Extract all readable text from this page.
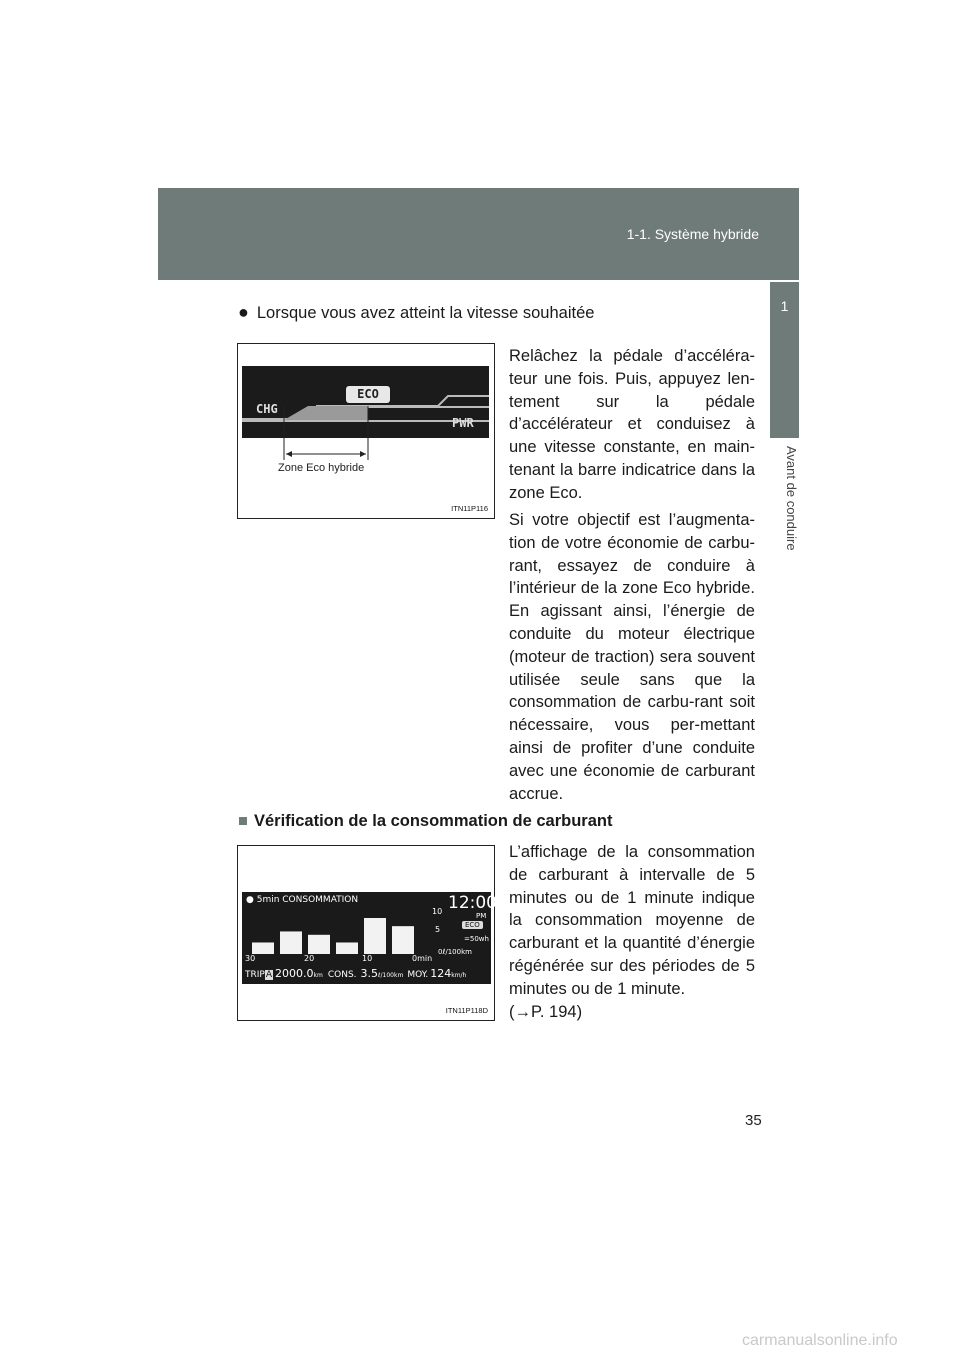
1-1. Système hybride
1
Avant de conduire
● Lorsque vous avez atteint la vitesse souhaitée
ECO
CHG
PWR
Zone Eco hybride
ITN11P116
Relâchez la pédale d’accéléra-teur une fois. Puis, appuyez len-tement sur la pédale d’accélérateur et conduisez à une vitesse constante, en main-tenant la barre indicatrice dans la zone Eco.
Si votre objectif est l’augmenta-tion de votre économie de carbu-rant, essayez de conduire à l’intérieur de la zone Eco hybride. En agissant ainsi, l’énergie de conduite du moteur électrique (moteur de traction) sera souvent utilisée seule sans que la consommation de carbu-rant soit nécessaire, vous per-mettant ainsi de profiter d’une conduite avec une économie de carburant accrue.
■ Vérification de la consommation de carburant
● 5min CONSOMMATION	12:00
PM
ECO
=50wh
10
5
0ℓ/100km
30	20	10	0min
TRIPA 2000.0km CONS. 3.5ℓ/100km MOY. 124km/h
ITN11P118D
L’affichage de la consommation de carburant à intervalle de 5 minutes ou de 1 minute indique la consommation moyenne de carburant et la quantité d’énergie régénérée sur des périodes de 5 minutes ou de 1 minute.
(→P. 194)
35
carmanualsonline.info
